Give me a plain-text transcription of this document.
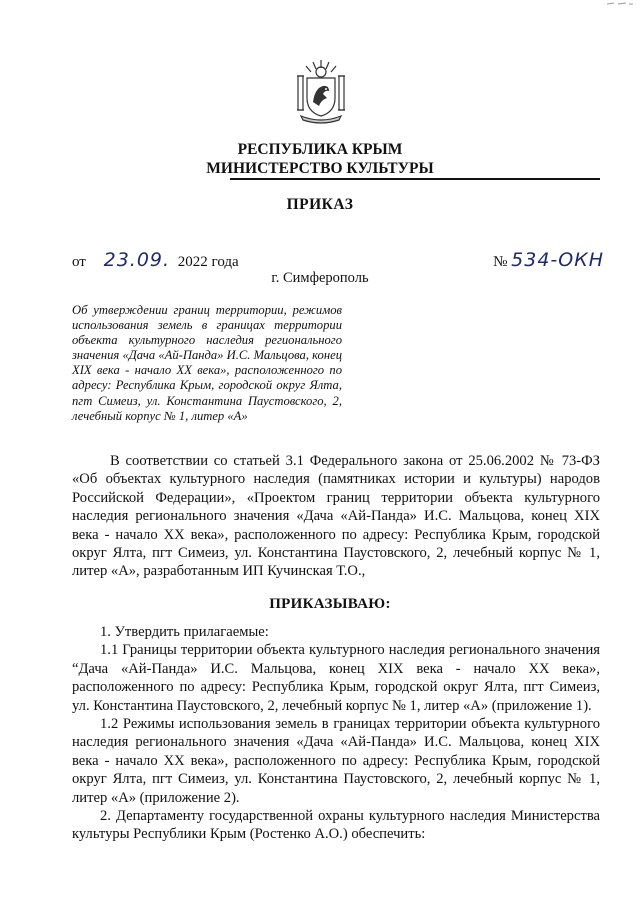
РЕСПУБЛИКА КРЫМ
МИНИСТЕРСТВО КУЛЬТУРЫ
ПРИКАЗ
от 23.09. 2022 года	№ 534-ОКН
г. Симферополь
Об утверждении границ территории, режимов использования земель в границах территории объекта культурного наследия регионального значения «Дача «Ай-Панда» И.С. Мальцова, конец XIX века - начало XX века», расположенного по адресу: Республика Крым, городской округ Ялта, пгт Симеиз, ул. Константина Паустовского, 2, лечебный корпус № 1, литер «А»
В соответствии со статьей 3.1 Федерального закона от 25.06.2002 № 73-ФЗ «Об объектах культурного наследия (памятниках истории и культуры) народов Российской Федерации», «Проектом границ территории объекта культурного наследия регионального значения «Дача «Ай-Панда» И.С. Мальцова, конец XIX века - начало XX века», расположенного по адресу: Республика Крым, городской округ Ялта, пгт Симеиз, ул. Константина Паустовского, 2, лечебный корпус № 1, литер «А», разработанным ИП Кучинская Т.О.,
ПРИКАЗЫВАЮ:

1. Утвердить прилагаемые:

1.1 Границы территории объекта культурного наследия регионального значения “Дача «Ай-Панда» И.С. Мальцова, конец XIX века - начало XX века», расположенного по адресу: Республика Крым, городской округ Ялта, пгт Симеиз, ул. Константина Паустовского, 2, лечебный корпус № 1, литер «А» (приложение 1).

1.2 Режимы использования земель в границах территории объекта культурного наследия регионального значения «Дача «Ай-Панда» И.С. Мальцова, конец XIX века - начало XX века», расположенного по адресу: Республика Крым, городской округ Ялта, пгт Симеиз, ул. Константина Паустовского, 2, лечебный корпус № 1, литер «А» (приложение 2).

2. Департаменту государственной охраны культурного наследия Министерства культуры Республики Крым (Ростенко А.О.) обеспечить:
